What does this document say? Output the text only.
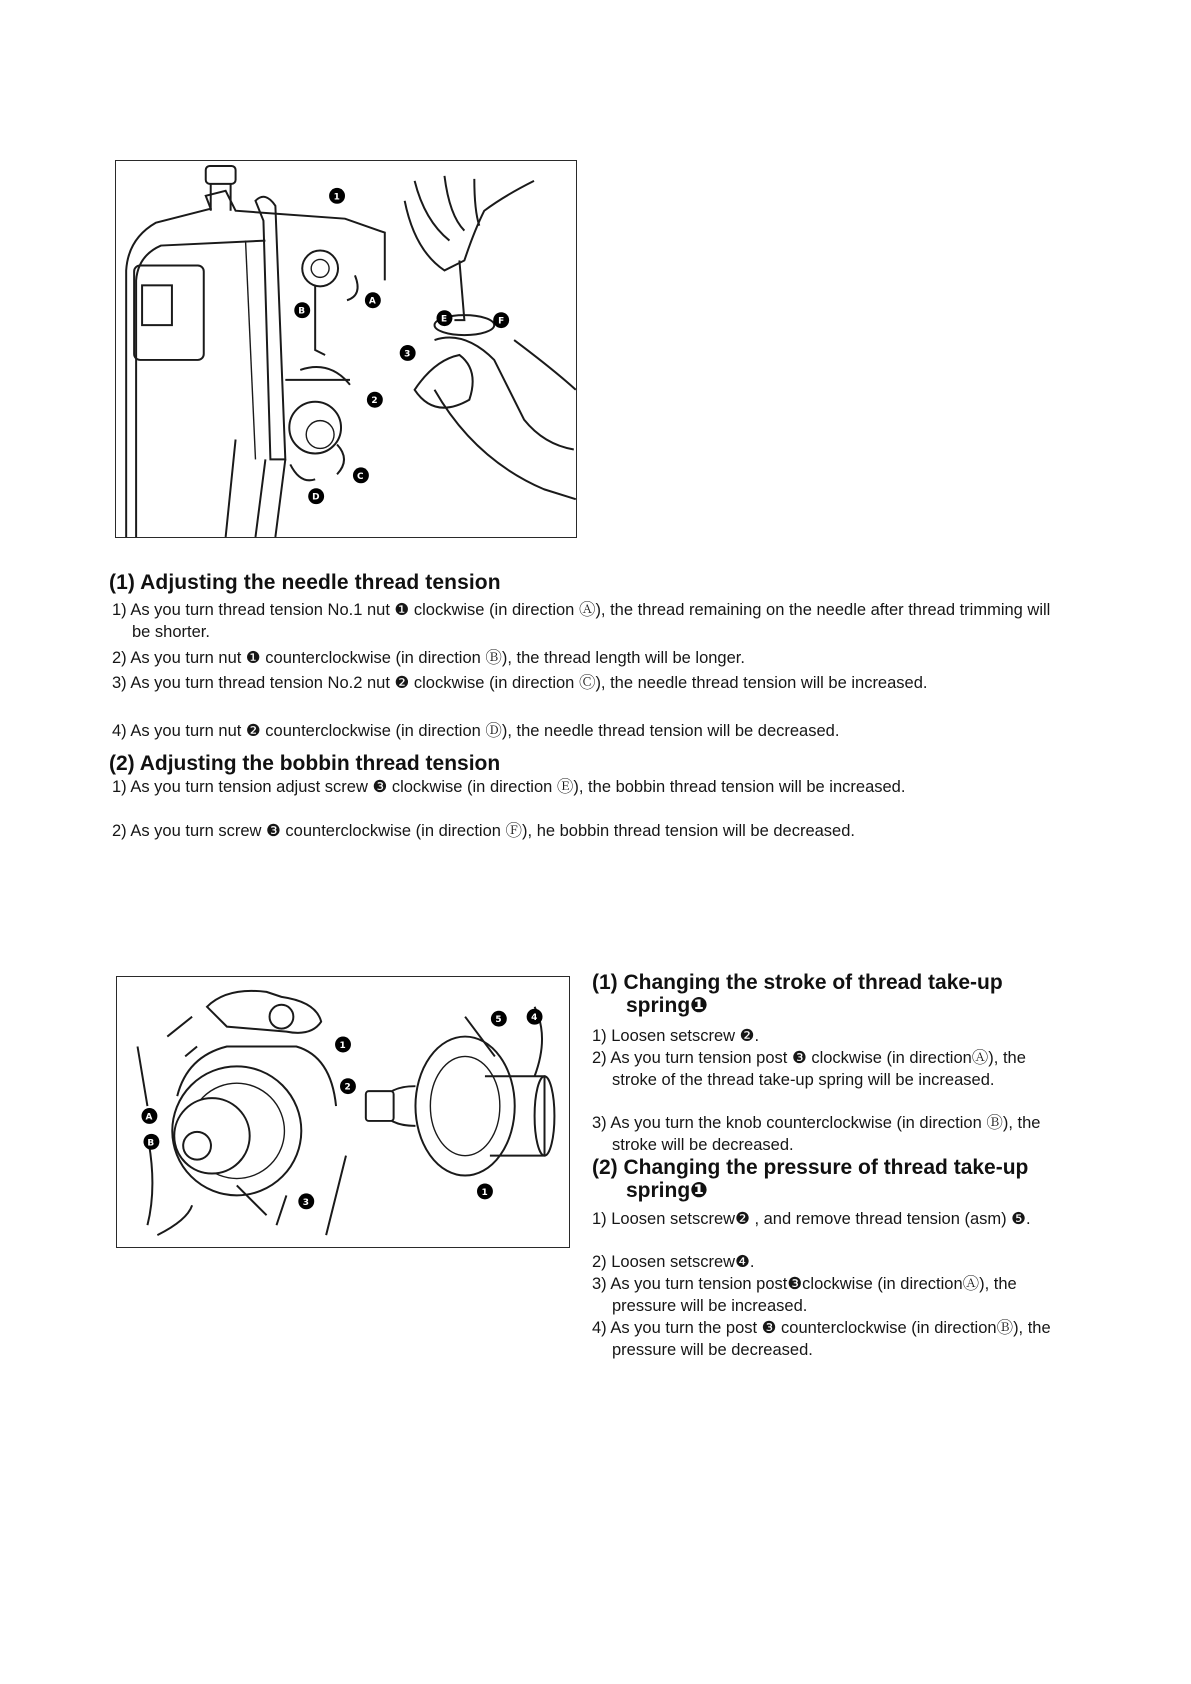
1
A
B
2
C
D
3
E	F
(1) Adjusting the needle thread tension

1) As you turn thread tension No.1 nut ❶ clockwise (in direction Ⓐ), the thread remaining on the needle after thread trimming will be shorter.

2) As you turn nut ❶ counterclockwise (in direction Ⓑ), the thread length will be longer.

3) As you turn thread tension No.2 nut ❷ clockwise (in direction Ⓒ), the needle thread tension will be increased.

4) As you turn nut ❷ counterclockwise (in direction Ⓓ), the needle thread tension will be decreased.

(2) Adjusting the bobbin thread tension

1) As you turn tension adjust screw ❸ clockwise (in direction Ⓔ), the bobbin thread tension will be increased.

2) As you turn screw ❸ counterclockwise (in direction Ⓕ), he bobbin thread tension will be decreased.

5	4
1
2
A
B
3
1
(1) Changing the stroke of thread take-up spring❶

1) Loosen setscrew ❷.

2) As you turn tension post ❸ clockwise (in directionⒶ), the stroke of the thread take-up spring will be increased.

3) As you turn the knob counterclockwise (in direction Ⓑ), the stroke will be decreased.

(2) Changing the pressure of thread take-up spring❶

1) Loosen setscrew❷ , and remove thread tension (asm) ❺.

2) Loosen setscrew❹.

3) As you turn tension post❸clockwise (in directionⒶ), the pressure will be increased.

4) As you turn the post ❸ counterclockwise (in directionⒷ), the pressure will be decreased.
